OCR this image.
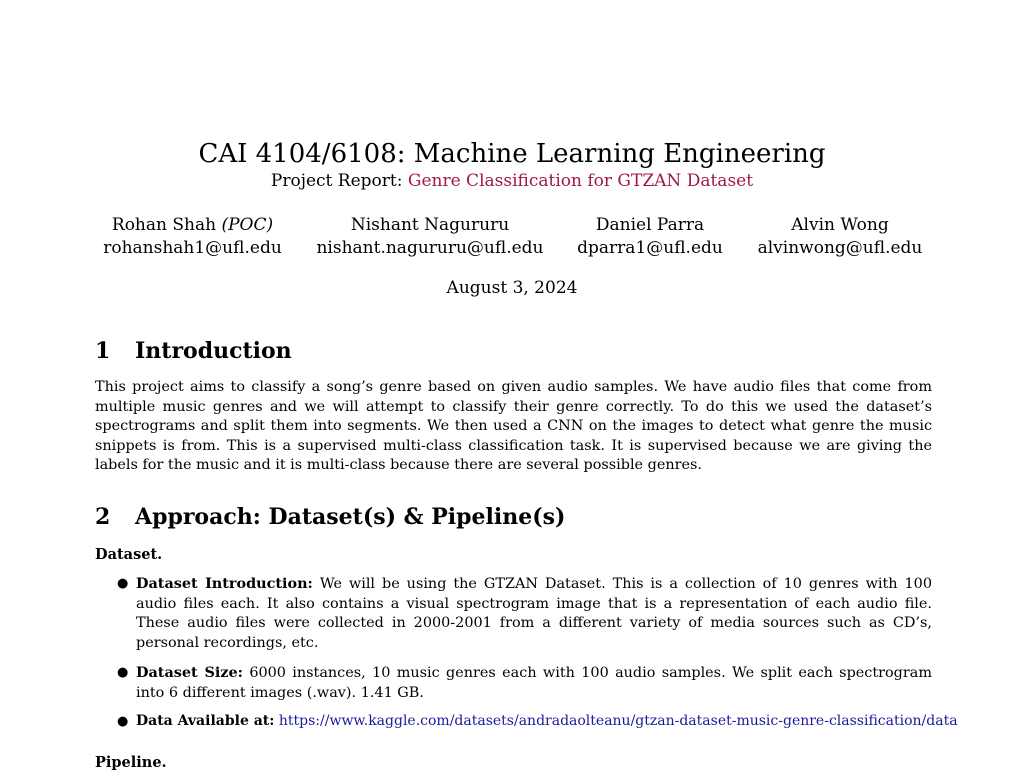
CAI 4104/6108: Machine Learning Engineering
Project Report: Genre Classification for GTZAN Dataset
Rohan Shah (POC)
rohanshah1@ufl.edu
Nishant Nagururu
nishant.nagururu@ufl.edu
Daniel Parra
dparra1@ufl.edu
Alvin Wong
alvinwong@ufl.edu
August 3, 2024
1 Introduction
This project aims to classify a song’s genre based on given audio samples. We have audio files that come from multiple music genres and we will attempt to classify their genre correctly. To do this we used the dataset’s spectrograms and split them into segments. We then used a CNN on the images to detect what genre the music snippets is from. This is a supervised multi-class classification task. It is supervised because we are giving the labels for the music and it is multi-class because there are several possible genres.
2 Approach: Dataset(s) & Pipeline(s)
Dataset.
● Dataset Introduction: We will be using the GTZAN Dataset. This is a collection of 10 genres with 100 audio files each. It also contains a visual spectrogram image that is a representation of each audio file. These audio files were collected in 2000-2001 from a different variety of media sources such as CD’s, personal recordings, etc.
● Dataset Size: 6000 instances, 10 music genres each with 100 audio samples. We split each spectrogram into 6 different images (.wav). 1.41 GB.
● Data Available at: https://www.kaggle.com/datasets/andradaolteanu/gtzan-dataset-music-genre-classification/data
Pipeline.
